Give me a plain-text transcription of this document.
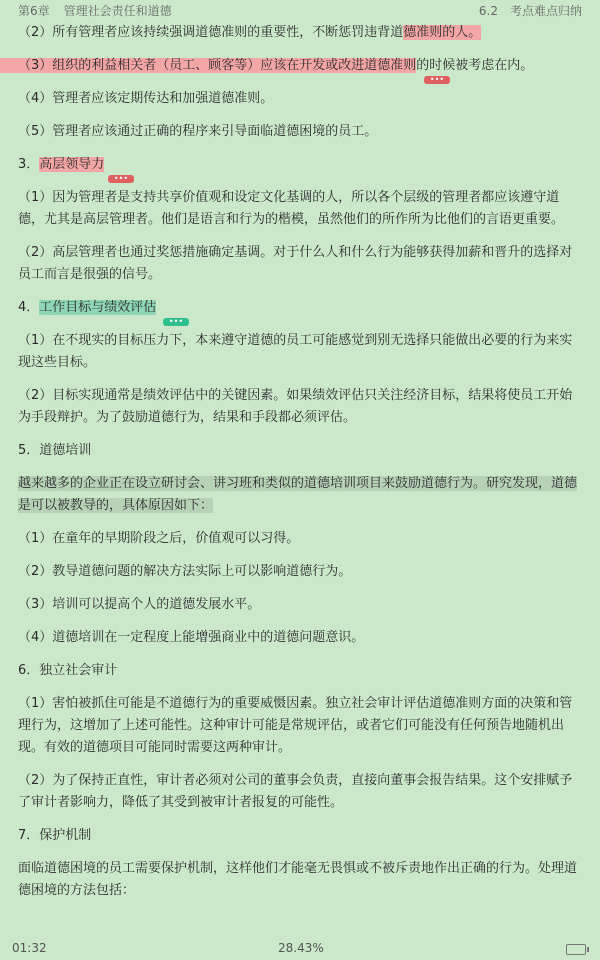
第6章 管理社会责任和道德	6.2 考点难点归纳

（2）所有管理者应该持续强调道德准则的重要性，不断惩罚违背道德准则的人。

（3）组织的利益相关者（员工、顾客等）应该在开发或改进道德准则的时候被考虑在内。
•••

（4）管理者应该定期传达和加强道德准则。

（5）管理者应该通过正确的程序来引导面临道德困境的员工。

3．高层领导力
•••

（1）因为管理者是支持共享价值观和设定文化基调的人，所以各个层级的管理者都应该遵守道德，尤其是高层管理者。他们是语言和行为的楷模，虽然他们的所作所为比他们的言语更重要。

（2）高层管理者也通过奖惩措施确定基调。对于什么人和什么行为能够获得加薪和晋升的选择对员工而言是很强的信号。

4．工作目标与绩效评估
•••

（1）在不现实的目标压力下，本来遵守道德的员工可能感觉到别无选择只能做出必要的行为来实现这些目标。

（2）目标实现通常是绩效评估中的关键因素。如果绩效评估只关注经济目标，结果将使员工开始为手段辩护。为了鼓励道德行为，结果和手段都必须评估。

5．道德培训

越来越多的企业正在设立研讨会、讲习班和类似的道德培训项目来鼓励道德行为。研究发现，道德是可以被教导的，具体原因如下：

（1）在童年的早期阶段之后，价值观可以习得。

（2）教导道德问题的解决方法实际上可以影响道德行为。

（3）培训可以提高个人的道德发展水平。

（4）道德培训在一定程度上能增强商业中的道德问题意识。

6．独立社会审计

（1）害怕被抓住可能是不道德行为的重要威慑因素。独立社会审计评估道德准则方面的决策和管理行为，这增加了上述可能性。这种审计可能是常规评估，或者它们可能没有任何预告地随机出现。有效的道德项目可能同时需要这两种审计。

（2）为了保持正直性，审计者必须对公司的董事会负责，直接向董事会报告结果。这个安排赋予了审计者影响力，降低了其受到被审计者报复的可能性。

7．保护机制

面临道德困境的员工需要保护机制，这样他们才能毫无畏惧或不被斥责地作出正确的行为。处理道德困境的方法包括：

01:32	28.43%
